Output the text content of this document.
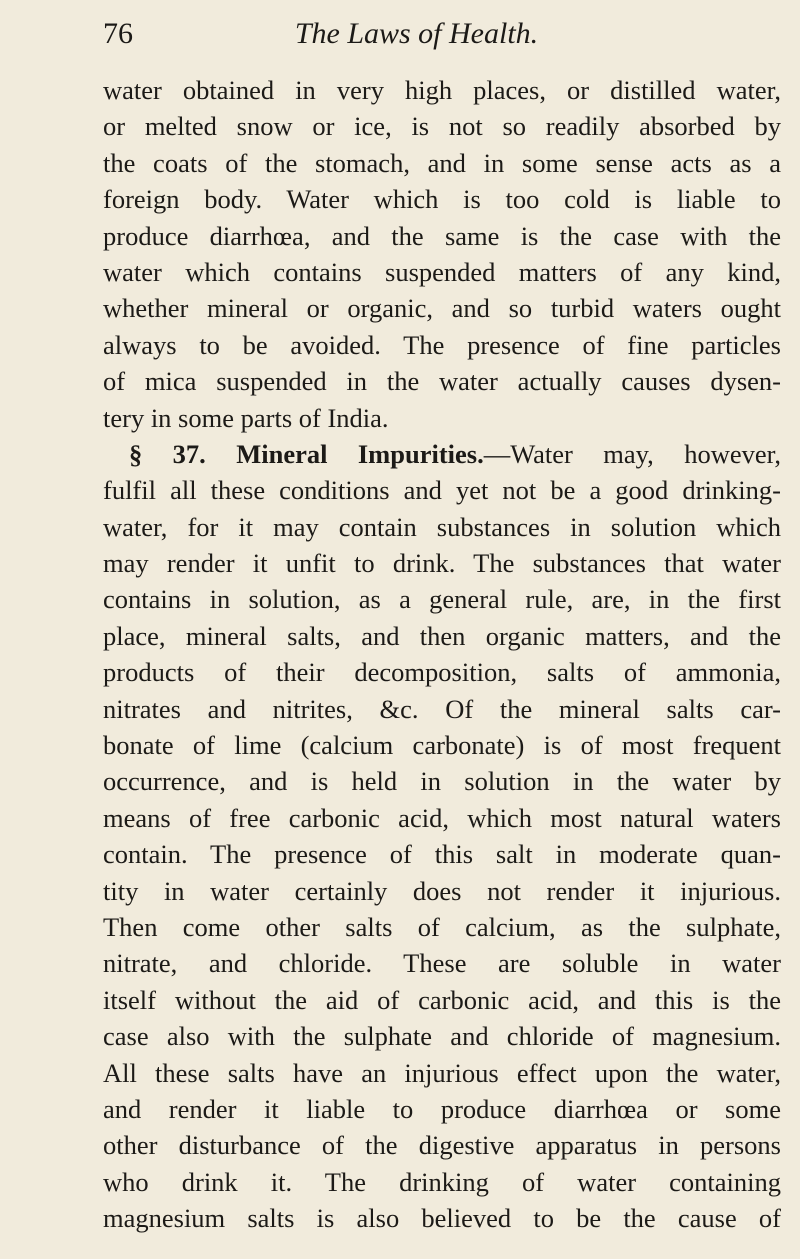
76	The Laws of Health.
water obtained in very high places, or distilled water,
or melted snow or ice, is not so readily absorbed by
the coats of the stomach, and in some sense acts as a
foreign body. Water which is too cold is liable to
produce diarrhœa, and the same is the case with the
water which contains suspended matters of any kind,
whether mineral or organic, and so turbid waters ought
always to be avoided. The presence of fine particles
of mica suspended in the water actually causes dysen-
tery in some parts of India.
§ 37. Mineral Impurities.—Water may, however,
fulfil all these conditions and yet not be a good drinking-
water, for it may contain substances in solution which
may render it unfit to drink. The substances that water
contains in solution, as a general rule, are, in the first
place, mineral salts, and then organic matters, and the
products of their decomposition, salts of ammonia,
nitrates and nitrites, &c. Of the mineral salts car-
bonate of lime (calcium carbonate) is of most frequent
occurrence, and is held in solution in the water by
means of free carbonic acid, which most natural waters
contain. The presence of this salt in moderate quan-
tity in water certainly does not render it injurious.
Then come other salts of calcium, as the sulphate,
nitrate, and chloride. These are soluble in water
itself without the aid of carbonic acid, and this is the
case also with the sulphate and chloride of magnesium.
All these salts have an injurious effect upon the water,
and render it liable to produce diarrhœa or some
other disturbance of the digestive apparatus in persons
who drink it. The drinking of water containing
magnesium salts is also believed to be the cause of
